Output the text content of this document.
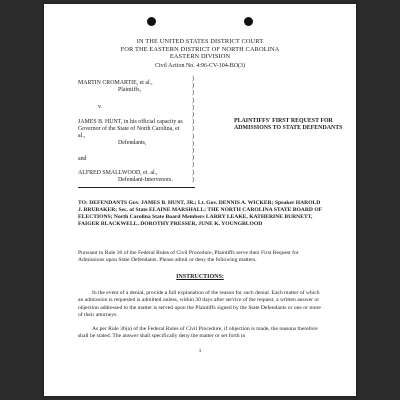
IN THE UNITED STATES DISTRICT COURT
FOR THE EASTERN DISTRICT OF NORTH CAROLINA
EASTERN DIVISION
Civil Action No. 4:96-CV-104-BO(3)
MARTIN CROMARTIE, et al.,
Plaintiffs,
v.
JAMES B. HUNT, in his official capacity as Governor of the State of North Carolina, et al.,
Defendants,
and
ALFRED SMALLWOOD, et. al.,
Defendant-Intervenors.
)
)
)
)
)
)
)
)
)
)
)
)
)
)
)
PLAINTIFFS' FIRST REQUEST FOR ADMISSIONS TO STATE DEFENDANTS
TO: DEFENDANTS Gov. JAMES B. HUNT, JR.; Lt. Gov. DENNIS A. WICKER; Speaker HAROLD J. BRUBAKER; Sec. of State ELAINE MARSHALL; THE NORTH CAROLINA STATE BOARD OF ELECTIONS; North Carolina State Board Members LARRY LEAKE, KATHERINE BURNETT, FAIGER BLACKWELL, DOROTHY PRESSER, JUNE K. YOUNGBLOOD
Pursuant to Rule 36 of the Federal Rules of Civil Procedure, Plaintiffs serve their First Request for Admissions upon State Defendants. Please admit or deny the following matters.
INSTRUCTIONS:
In the event of a denial, provide a full explanation of the reason for such denial. Each matter of which an admission is requested is admitted unless, within 30 days after service of the request, a written answer or objection addressed to the matter is served upon the Plaintiffs signed by the State Defendants or one or more of their attorneys.
As per Rule 36(a) of the Federal Rules of Civil Procedure, if objection is made, the reasons therefore shall be stated. The answer shall specifically deny the matter or set forth in
1
